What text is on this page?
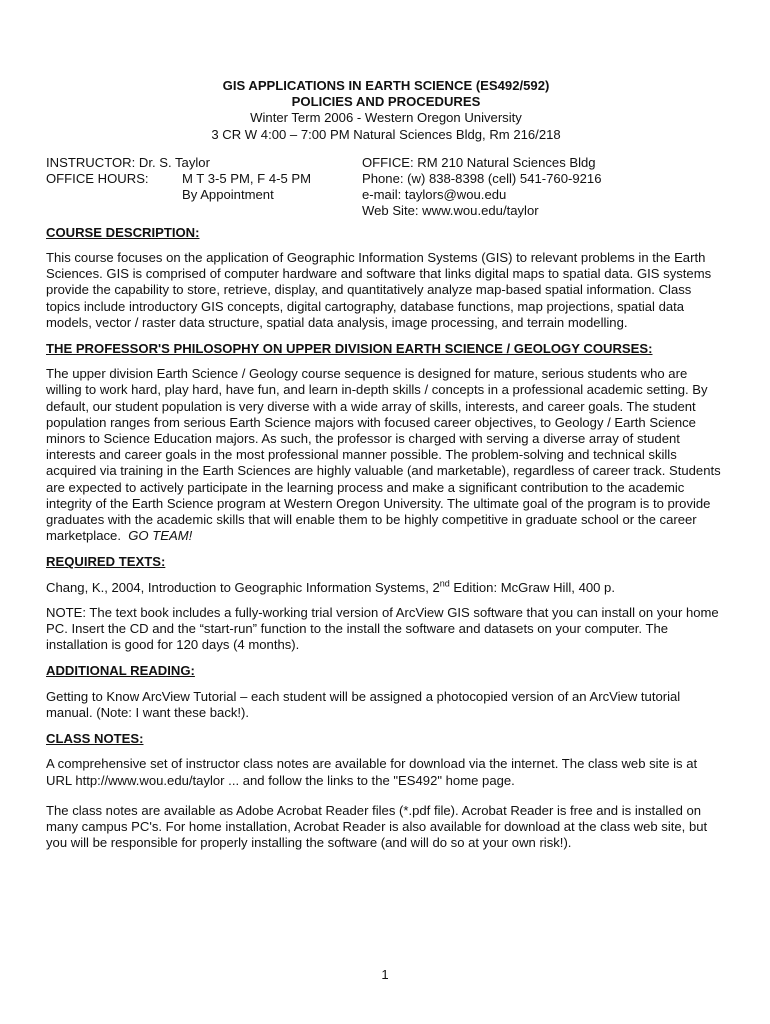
GIS APPLICATIONS IN EARTH SCIENCE (ES492/592)
POLICIES AND PROCEDURES
Winter Term 2006 - Western Oregon University
3 CR W 4:00 – 7:00 PM Natural Sciences Bldg, Rm 216/218
INSTRUCTOR: Dr. S. Taylor
OFFICE HOURS:	M T 3-5 PM, F 4-5 PM
By Appointment
OFFICE: RM 210 Natural Sciences Bldg
Phone: (w) 838-8398 (cell) 541-760-9216
e-mail: taylors@wou.edu
Web Site: www.wou.edu/taylor
COURSE DESCRIPTION:

This course focuses on the application of Geographic Information Systems (GIS) to relevant problems in the Earth Sciences. GIS is comprised of computer hardware and software that links digital maps to spatial data. GIS systems provide the capability to store, retrieve, display, and quantitatively analyze map-based spatial information. Class topics include introductory GIS concepts, digital cartography, database functions, map projections, spatial data models, vector / raster data structure, spatial data analysis, image processing, and terrain modelling.

THE PROFESSOR'S PHILOSOPHY ON UPPER DIVISION EARTH SCIENCE / GEOLOGY COURSES:

The upper division Earth Science / Geology course sequence is designed for mature, serious students who are willing to work hard, play hard, have fun, and learn in-depth skills / concepts in a professional academic setting. By default, our student population is very diverse with a wide array of skills, interests, and career goals. The student population ranges from serious Earth Science majors with focused career objectives, to Geology / Earth Science minors to Science Education majors. As such, the professor is charged with serving a diverse array of student interests and career goals in the most professional manner possible. The problem-solving and technical skills acquired via training in the Earth Sciences are highly valuable (and marketable), regardless of career track. Students are expected to actively participate in the learning process and make a significant contribution to the academic integrity of the Earth Science program at Western Oregon University. The ultimate goal of the program is to provide graduates with the academic skills that will enable them to be highly competitive in graduate school or the career marketplace. GO TEAM!

REQUIRED TEXTS:

Chang, K., 2004, Introduction to Geographic Information Systems, 2nd Edition: McGraw Hill, 400 p.

NOTE: The text book includes a fully-working trial version of ArcView GIS software that you can install on your home PC. Insert the CD and the “start-run” function to the install the software and datasets on your computer. The installation is good for 120 days (4 months).

ADDITIONAL READING:

Getting to Know ArcView Tutorial – each student will be assigned a photocopied version of an ArcView tutorial manual. (Note: I want these back!).

CLASS NOTES:

A comprehensive set of instructor class notes are available for download via the internet. The class web site is at URL http://www.wou.edu/taylor ... and follow the links to the "ES492" home page.

The class notes are available as Adobe Acrobat Reader files (*.pdf file). Acrobat Reader is free and is installed on many campus PC's. For home installation, Acrobat Reader is also available for download at the class web site, but you will be responsible for properly installing the software (and will do so at your own risk!).

1
